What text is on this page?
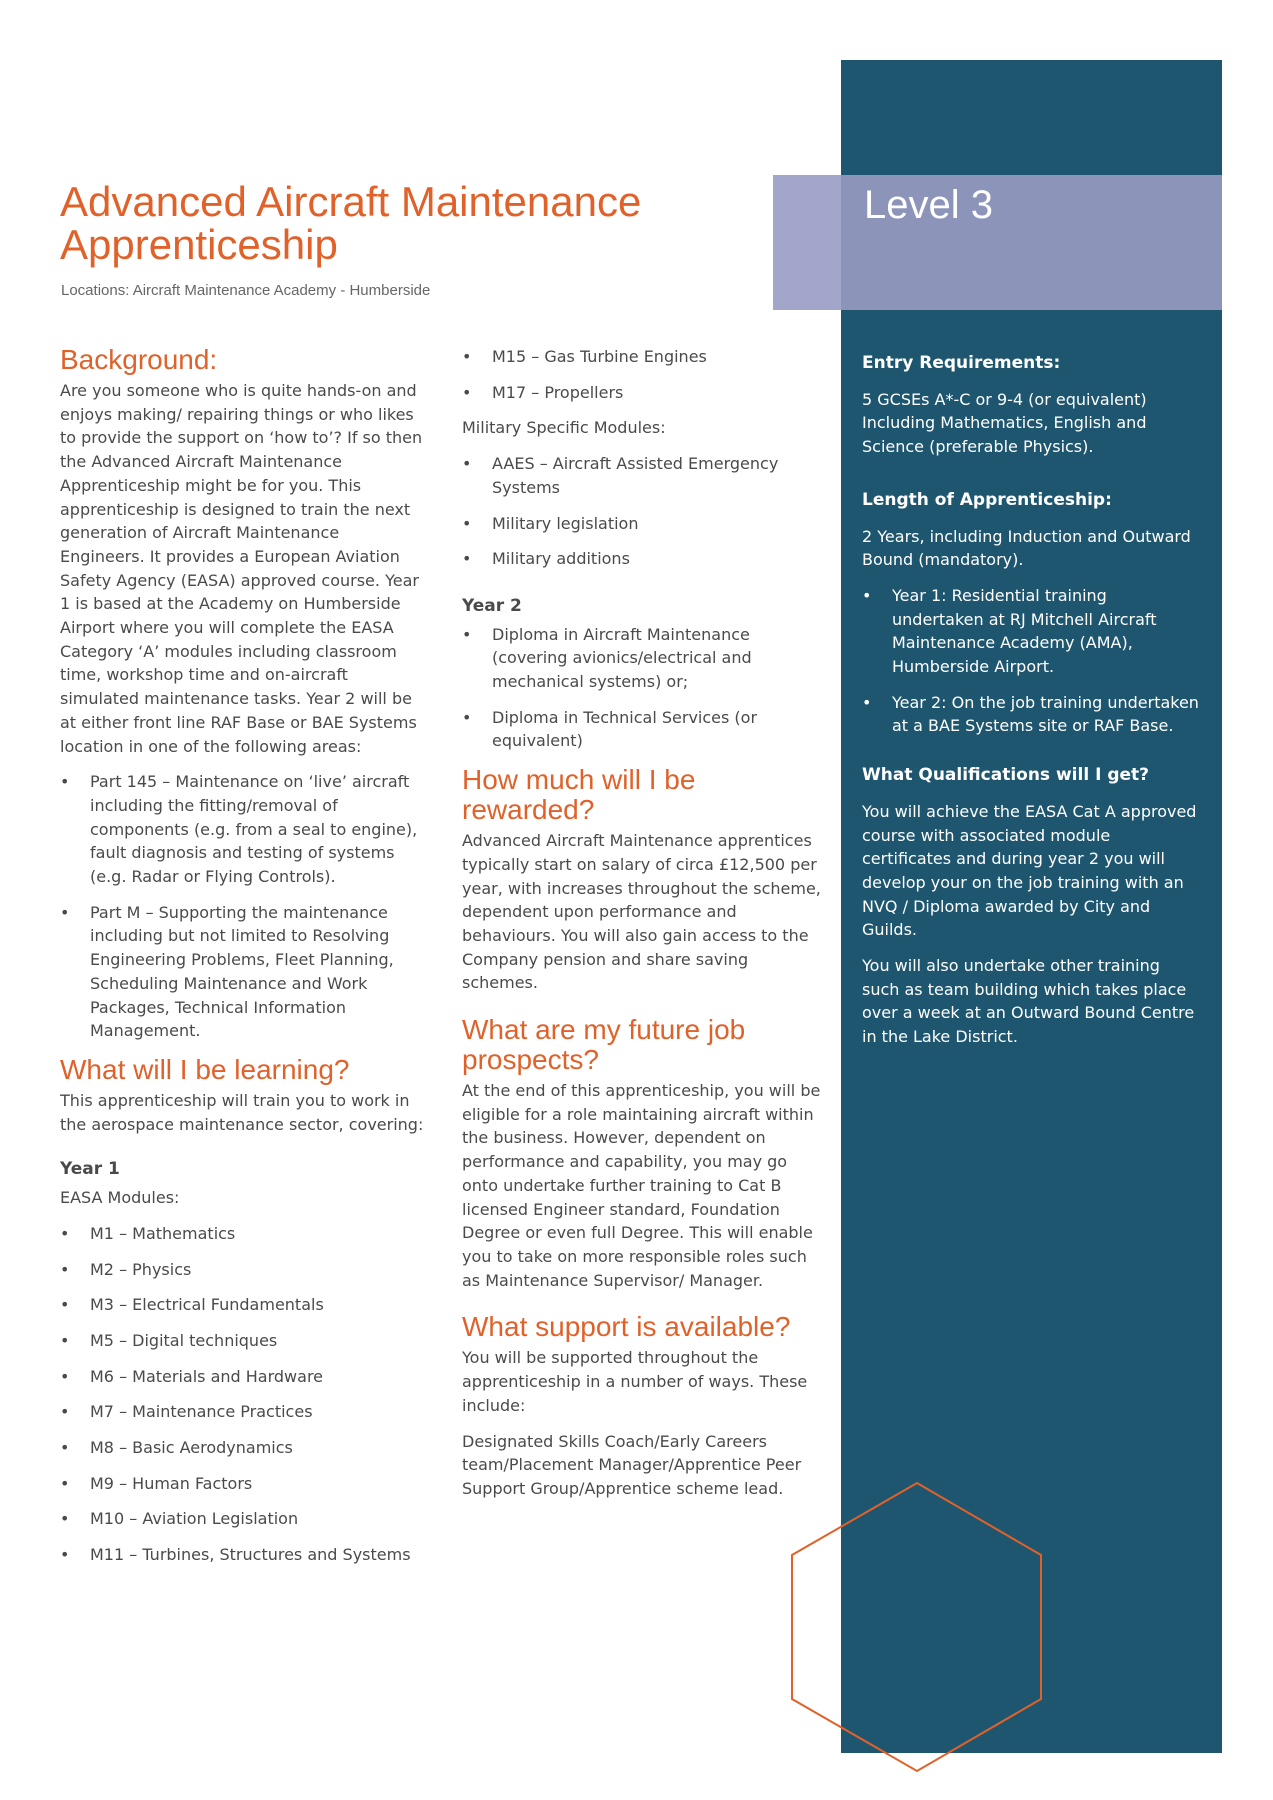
Level 3
Advanced Aircraft Maintenance
Apprenticeship
Locations: Aircraft Maintenance Academy - Humberside
Background:

Are you someone who is quite hands-on and enjoys making/ repairing things or who likes to provide the support on ‘how to’? If so then the Advanced Aircraft Maintenance Apprenticeship might be for you. This apprenticeship is designed to train the next generation of Aircraft Maintenance Engineers. It provides a European Aviation Safety Agency (EASA) approved course. Year 1 is based at the Academy on Humberside Airport where you will complete the EASA Category ‘A’ modules including classroom time, workshop time and on-aircraft simulated maintenance tasks. Year 2 will be at either front line RAF Base or BAE Systems location in one of the following areas:

• Part 145 – Maintenance on ‘live’ aircraft including the fitting/removal of components (e.g. from a seal to engine), fault diagnosis and testing of systems (e.g. Radar or Flying Controls).
• Part M – Supporting the maintenance including but not limited to Resolving Engineering Problems, Fleet Planning, Scheduling Maintenance and Work Packages, Technical Information Management.
What will I be learning?

This apprenticeship will train you to work in the aerospace maintenance sector, covering:

Year 1

EASA Modules:

• M1 – Mathematics
• M2 – Physics
• M3 – Electrical Fundamentals
• M5 – Digital techniques
• M6 – Materials and Hardware
• M7 – Maintenance Practices
• M8 – Basic Aerodynamics
• M9 – Human Factors
• M10 – Aviation Legislation
• M11 – Turbines, Structures and Systems
• M15 – Gas Turbine Engines
• M17 – Propellers

Military Specific Modules:

• AAES – Aircraft Assisted Emergency Systems
• Military legislation
• Military additions
Year 2
• Diploma in Aircraft Maintenance (covering avionics/electrical and mechanical systems) or;
• Diploma in Technical Services (or equivalent)
How much will I be rewarded?

Advanced Aircraft Maintenance apprentices typically start on salary of circa £12,500 per year, with increases throughout the scheme, dependent upon performance and behaviours. You will also gain access to the Company pension and share saving schemes.

What are my future job prospects?

At the end of this apprenticeship, you will be eligible for a role maintaining aircraft within the business. However, dependent on performance and capability, you may go onto undertake further training to Cat B licensed Engineer standard, Foundation Degree or even full Degree. This will enable you to take on more responsible roles such as Maintenance Supervisor/ Manager.

What support is available?

You will be supported throughout the apprenticeship in a number of ways. These include:

Designated Skills Coach/Early Careers team/Placement Manager/Apprentice Peer Support Group/Apprentice scheme lead.

Entry Requirements:

5 GCSEs A*-C or 9-4 (or equivalent) Including Mathematics, English and Science (preferable Physics).

Length of Apprenticeship:

2 Years, including Induction and Outward Bound (mandatory).

• Year 1: Residential training undertaken at RJ Mitchell Aircraft Maintenance Academy (AMA), Humberside Airport.
• Year 2: On the job training undertaken at a BAE Systems site or RAF Base.
What Qualifications will I get?

You will achieve the EASA Cat A approved course with associated module certificates and during year 2 you will develop your on the job training with an NVQ / Diploma awarded by City and Guilds.

You will also undertake other training such as team building which takes place over a week at an Outward Bound Centre in the Lake District.
